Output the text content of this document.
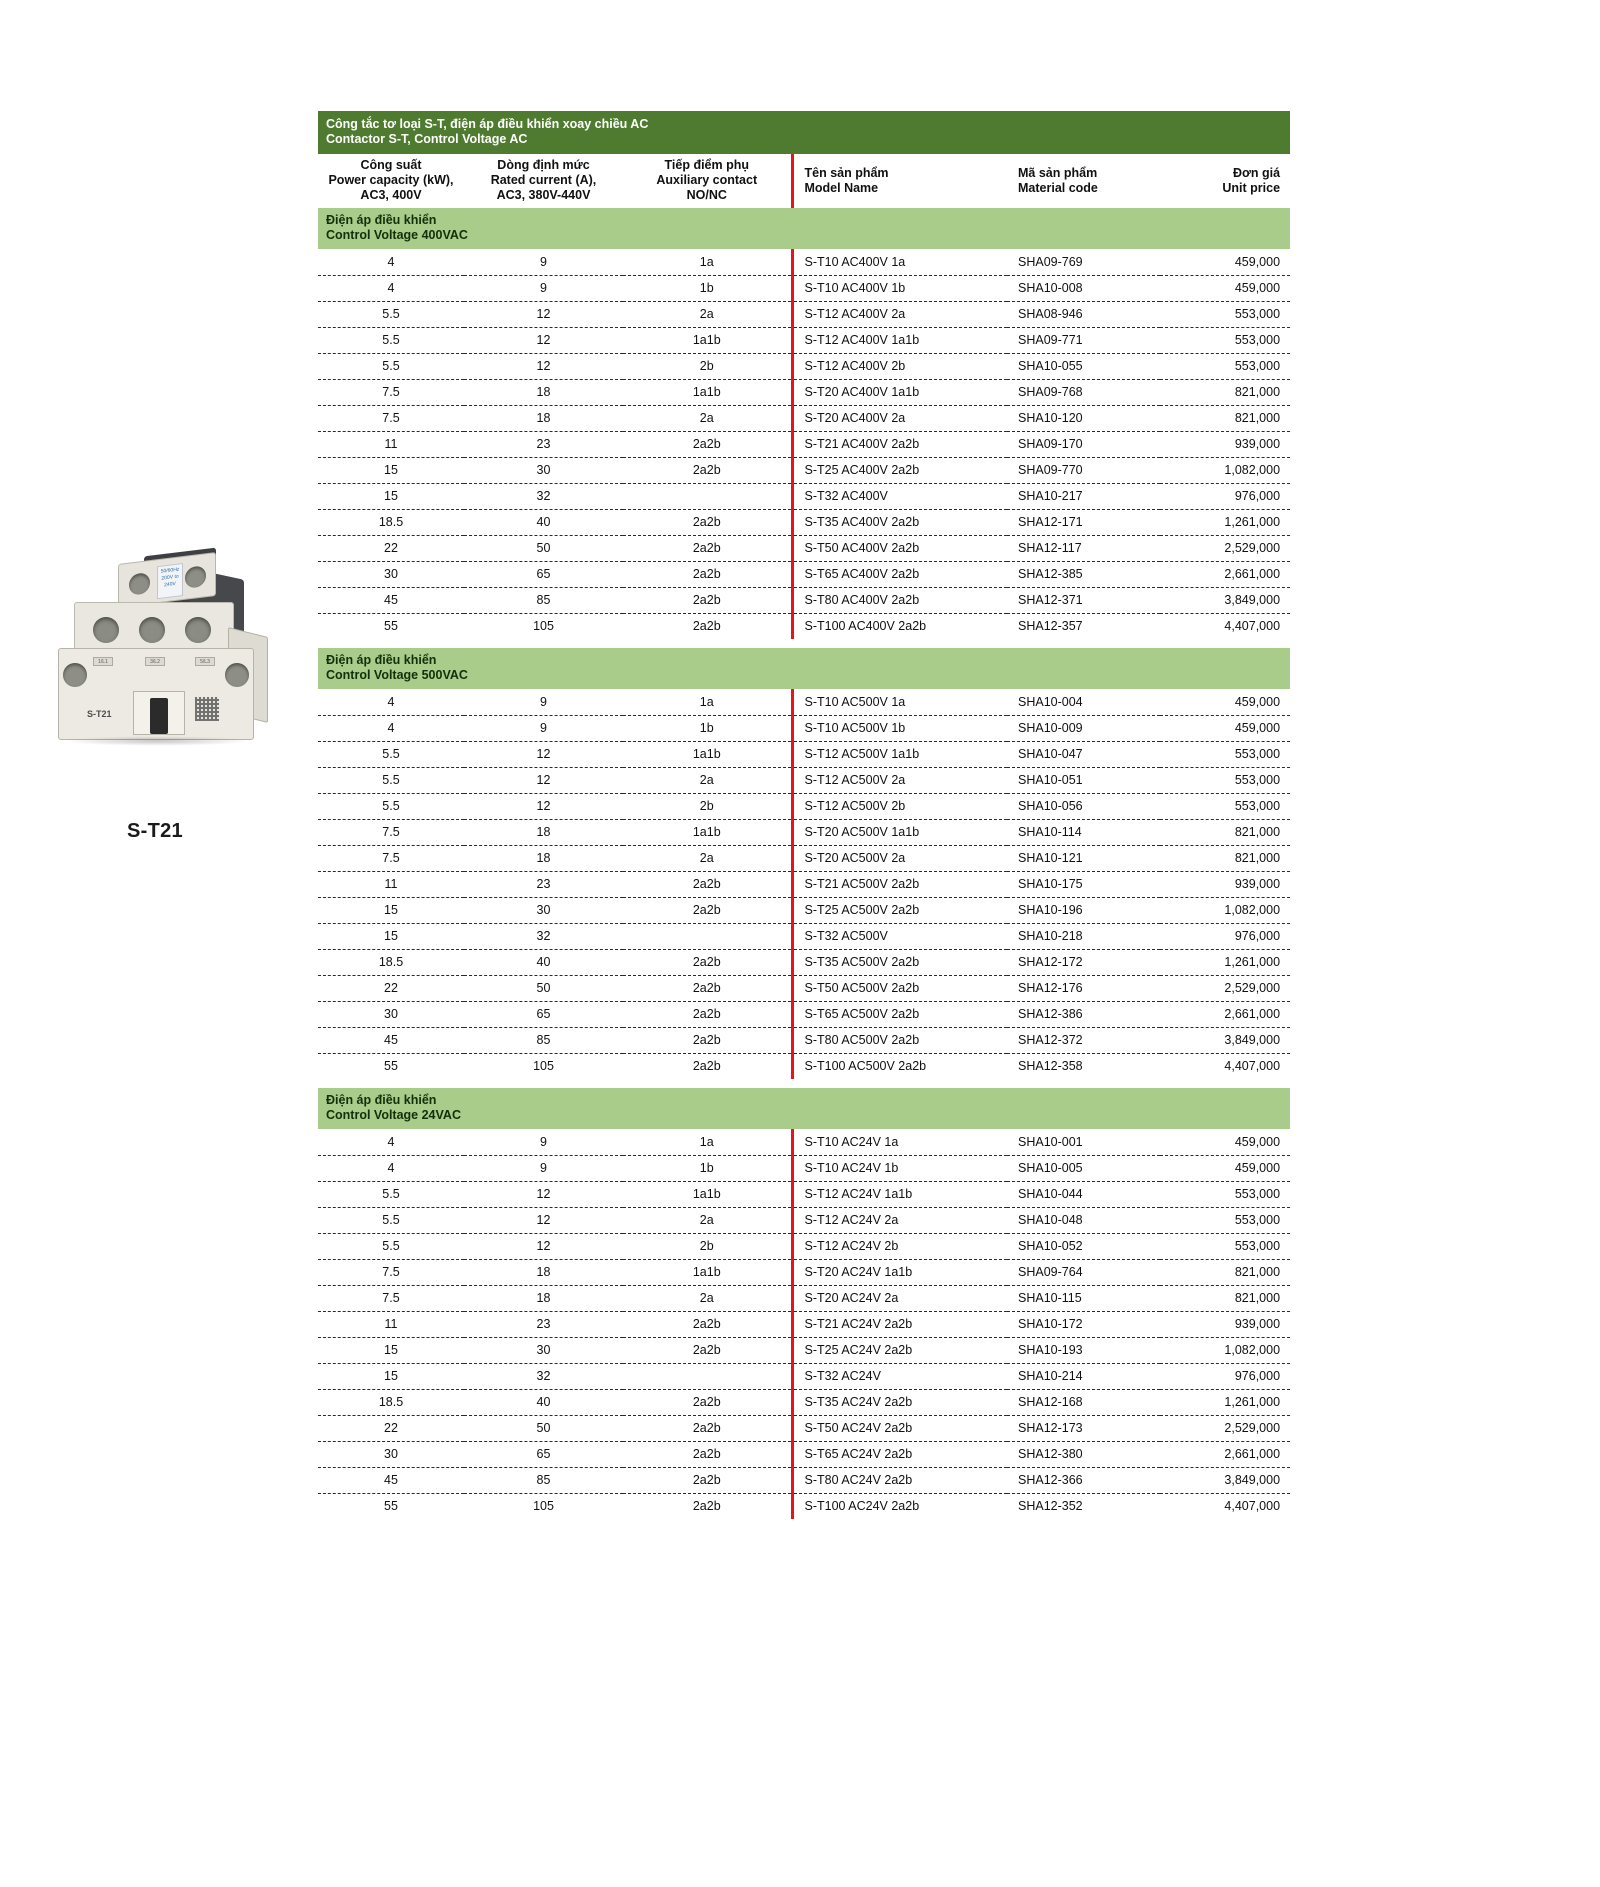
50/60Hz 200V to 240V
1/L1	3/L2	5/L3
S-T21
S-T21
Công tắc tơ loại S-T, điện áp điều khiển xoay chiều AC
Contactor S-T, Control Voltage AC					

Công suất
Power capacity (kW),
AC3, 400V	Dòng định mức
Rated current (A),
AC3, 380V-440V	Tiếp điểm phụ
Auxiliary contact
NO/NC	Tên sản phẩm
Model Name	Mã sản phẩm
Material code	Đơn giá
Unit price
Điện áp điều khiển
Control Voltage 400VAC					

4	9	1a	S-T10 AC400V 1a	SHA09-769	459,000
4	9	1b	S-T10 AC400V 1b	SHA10-008	459,000
5.5	12	2a	S-T12 AC400V 2a	SHA08-946	553,000
5.5	12	1a1b	S-T12 AC400V 1a1b	SHA09-771	553,000
5.5	12	2b	S-T12 AC400V 2b	SHA10-055	553,000
7.5	18	1a1b	S-T20 AC400V 1a1b	SHA09-768	821,000
7.5	18	2a	S-T20 AC400V 2a	SHA10-120	821,000
11	23	2a2b	S-T21 AC400V 2a2b	SHA09-170	939,000
15	30	2a2b	S-T25 AC400V 2a2b	SHA09-770	1,082,000
15	32		S-T32 AC400V	SHA10-217	976,000
18.5	40	2a2b	S-T35 AC400V 2a2b	SHA12-171	1,261,000
22	50	2a2b	S-T50 AC400V 2a2b	SHA12-117	2,529,000
30	65	2a2b	S-T65 AC400V 2a2b	SHA12-385	2,661,000
45	85	2a2b	S-T80 AC400V 2a2b	SHA12-371	3,849,000
55	105	2a2b	S-T100 AC400V 2a2b	SHA12-357	4,407,000

Điện áp điều khiển
Control Voltage 500VAC					

4	9	1a	S-T10 AC500V 1a	SHA10-004	459,000
4	9	1b	S-T10 AC500V 1b	SHA10-009	459,000
5.5	12	1a1b	S-T12 AC500V 1a1b	SHA10-047	553,000
5.5	12	2a	S-T12 AC500V 2a	SHA10-051	553,000
5.5	12	2b	S-T12 AC500V 2b	SHA10-056	553,000
7.5	18	1a1b	S-T20 AC500V 1a1b	SHA10-114	821,000
7.5	18	2a	S-T20 AC500V 2a	SHA10-121	821,000
11	23	2a2b	S-T21 AC500V 2a2b	SHA10-175	939,000
15	30	2a2b	S-T25 AC500V 2a2b	SHA10-196	1,082,000
15	32		S-T32 AC500V	SHA10-218	976,000
18.5	40	2a2b	S-T35 AC500V 2a2b	SHA12-172	1,261,000
22	50	2a2b	S-T50 AC500V 2a2b	SHA12-176	2,529,000
30	65	2a2b	S-T65 AC500V 2a2b	SHA12-386	2,661,000
45	85	2a2b	S-T80 AC500V 2a2b	SHA12-372	3,849,000
55	105	2a2b	S-T100 AC500V 2a2b	SHA12-358	4,407,000

Điện áp điều khiển
Control Voltage 24VAC					

4	9	1a	S-T10 AC24V 1a	SHA10-001	459,000
4	9	1b	S-T10 AC24V 1b	SHA10-005	459,000
5.5	12	1a1b	S-T12 AC24V 1a1b	SHA10-044	553,000
5.5	12	2a	S-T12 AC24V 2a	SHA10-048	553,000
5.5	12	2b	S-T12 AC24V 2b	SHA10-052	553,000
7.5	18	1a1b	S-T20 AC24V 1a1b	SHA09-764	821,000
7.5	18	2a	S-T20 AC24V 2a	SHA10-115	821,000
11	23	2a2b	S-T21 AC24V 2a2b	SHA10-172	939,000
15	30	2a2b	S-T25 AC24V 2a2b	SHA10-193	1,082,000
15	32		S-T32 AC24V	SHA10-214	976,000
18.5	40	2a2b	S-T35 AC24V 2a2b	SHA12-168	1,261,000
22	50	2a2b	S-T50 AC24V 2a2b	SHA12-173	2,529,000
30	65	2a2b	S-T65 AC24V 2a2b	SHA12-380	2,661,000
45	85	2a2b	S-T80 AC24V 2a2b	SHA12-366	3,849,000
55	105	2a2b	S-T100 AC24V 2a2b	SHA12-352	4,407,000
